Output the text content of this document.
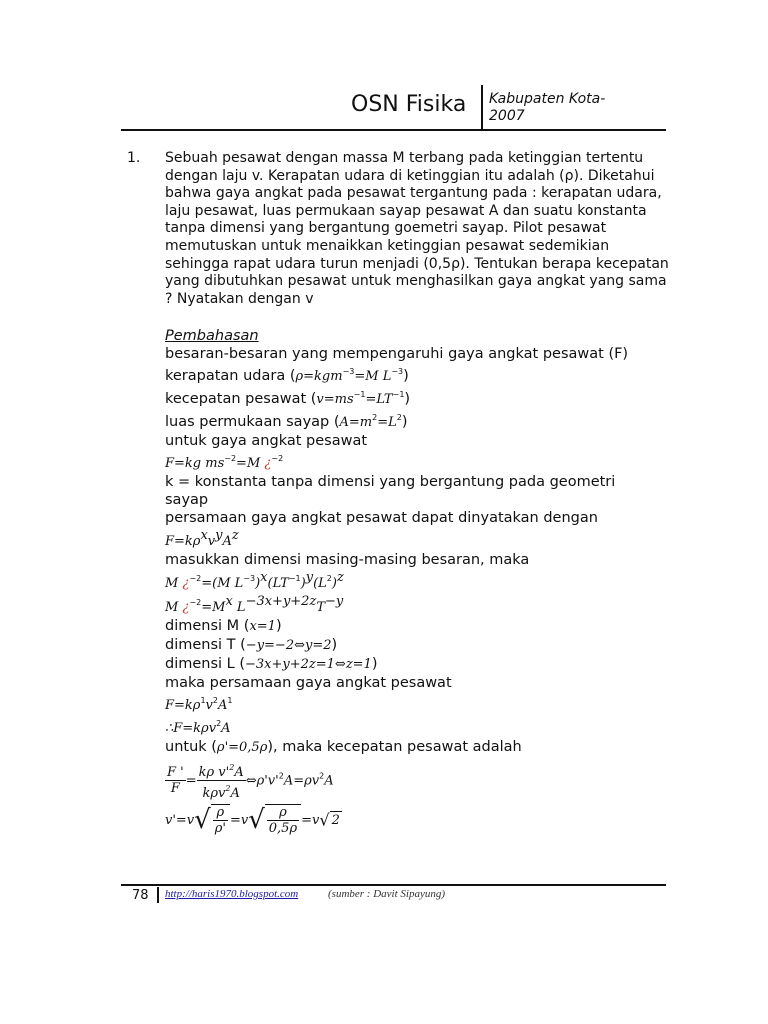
OSN Fisika Kabupaten Kota-
2007
1. Sebuah pesawat dengan massa M terbang pada ketinggian tertentu dengan laju v. Kerapatan udara di ketinggian itu adalah (ρ). Diketahui bahwa gaya angkat pada pesawat tergantung pada : kerapatan udara, laju pesawat, luas permukaan sayap pesawat A dan suatu konstanta tanpa dimensi yang bergantung goemetri sayap. Pilot pesawat memutuskan untuk menaikkan ketinggian pesawat sedemikian sehingga rapat udara turun menjadi (0,5ρ). Tentukan berapa kecepatan yang dibutuhkan pesawat untuk menghasilkan gaya angkat yang sama ? Nyatakan dengan v
Pembahasan
besaran-besaran yang mempengaruhi gaya angkat pesawat (F)
kerapatan udara (ρ=kgm$^{-3}$=M $L^{-3}$)
kecepatan pesawat $(v=ms^{-1}=LT^{-1})$
luas permukaan sayap $(A=m^2=L^2)$
untuk gaya angkat pesawat
F=kg $ms^{-2}=M$ ¿$^{-2}$
k = konstanta tanpa dimensi yang bergantung pada geometri
sayap
persamaan gaya angkat pesawat dapat dinyatakan dengan
$F=k\rho^xv^yA^z$
masukkan dimensi masing-masing besaran, maka
M ¿$^{-2}$=(M $L^{-3})^x(LT^{-1})^y(L^2)^z$
M ¿$^{-2}=M^x$ $L^{-3x+y+2z}T^{-y}$
dimensi M (x=1)
dimensi T (−y=−2⇔y=2)
dimensi L (−3x+y+2z=1⇔z=1)
maka persamaan gaya angkat pesawat
$F=k\rho^1v^2A^1$
∴F=kρv$^2$A
untuk (ρ'=0,5ρ), maka kecepatan pesawat adalah
$\frac{F '}{F} = \frac{k\rho v'^2A}{k\rho v^2A}$ $\Leftrightarrow\rho'v'^2A=\rho v^2A$
$v'=v√ \frac{\rho}{\rho'} =v√ \frac{\rho}{0,5\rho} =v√$ 2
78 http://haris1970.blogspot.com	(sumber : Davit Sipayung)
